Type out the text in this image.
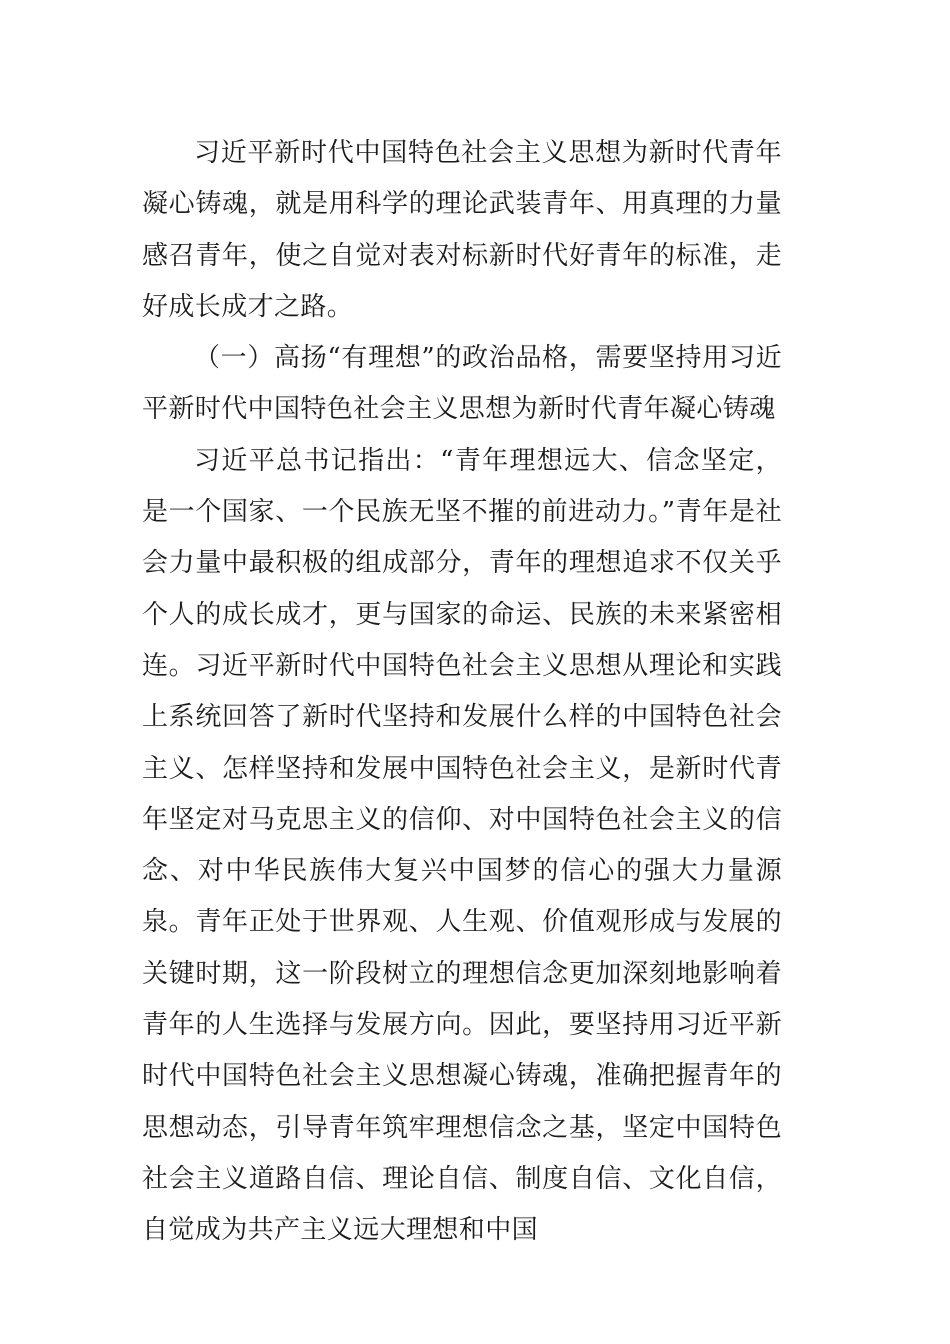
习近平新时代中国特色社会主义思想为新时代青年凝心铸魂，就是用科学的理论武装青年、用真理的力量感召青年，使之自觉对表对标新时代好青年的标准，走好成长成才之路。

（一）高扬“有理想”的政治品格，需要坚持用习近平新时代中国特色社会主义思想为新时代青年凝心铸魂

习近平总书记指出：“青年理想远大、信念坚定，是一个国家、一个民族无坚不摧的前进动力。”青年是社会力量中最积极的组成部分，青年的理想追求不仅关乎个人的成长成才，更与国家的命运、民族的未来紧密相连。习近平新时代中国特色社会主义思想从理论和实践上系统回答了新时代坚持和发展什么样的中国特色社会主义、怎样坚持和发展中国特色社会主义，是新时代青年坚定对马克思主义的信仰、对中国特色社会主义的信念、对中华民族伟大复兴中国梦的信心的强大力量源泉。青年正处于世界观、人生观、价值观形成与发展的关键时期，这一阶段树立的理想信念更加深刻地影响着青年的人生选择与发展方向。因此，要坚持用习近平新时代中国特色社会主义思想凝心铸魂，准确把握青年的思想动态，引导青年筑牢理想信念之基，坚定中国特色社会主义道路自信、理论自信、制度自信、文化自信，自觉成为共产主义远大理想和中国
